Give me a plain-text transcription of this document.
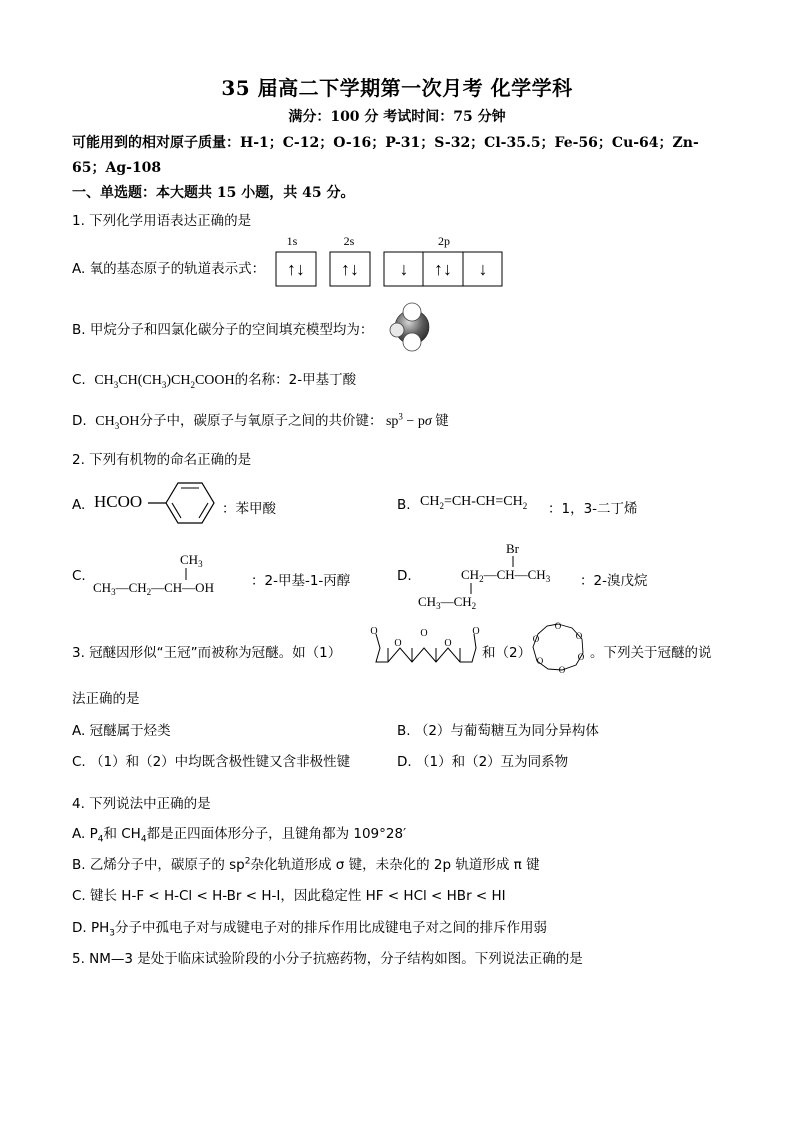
35 届高二下学期第一次月考 化学学科
满分：100 分 考试时间：75 分钟
可能用到的相对原子质量：H-1；C-12；O-16；P-31；S-32；Cl-35.5；Fe-56；Cu-64；Zn-
65；Ag-108
一、单选题：本大题共 15 小题，共 45 分。
1. 下列化学用语表达正确的是
A. 氧的基态原子的轨道表示式：
1s	2s	2p
↑↓ ↑↓ ↓ ↑↓ ↓
B. 甲烷分子和四氯化碳分子的空间填充模型均为：
C.  $CH_3CH(CH_3)CH_2COOH$的名称：2-甲基丁酸
D.  $CH_3OH$分子中，碳原子与氧原子之间的共价键： $sp^3 - p\sigma$ 键
2. 下列有机物的命名正确的是
A. HCOO	：苯甲酸	B. $CH_2=CH-CH=CH_2$ ：1，3-二丁烯
C.
$CH_3$
$CH_3—CH_2—CH—OH$	：2-甲基-1-丙醇	D.
Br
$CH_2—CH—CH_3$
$CH_3—CH_2$
：2-溴戊烷
3. 冠醚因形似“王冠”而被称为冠醚。如（1）
O
O
O
O
O
和（2）
O
O
O
O
O
O
。下列关于冠醚的说
法正确的是
A. 冠醚属于烃类	B. （2）与葡萄糖互为同分异构体
C. （1）和（2）中均既含极性键又含非极性键	D. （1）和（2）互为同系物
4. 下列说法中正确的是
A. $P_4$和 $CH_4$都是正四面体形分子，且键角都为 109°28′
B. 乙烯分子中，碳原子的 $sp^2$杂化轨道形成 σ 键，未杂化的 2p 轨道形成 π 键
C. 键长 H-F < H-Cl < H-Br < H-I，因此稳定性 HF < HCl < HBr < HI
D. $PH_3$分子中孤电子对与成键电子对的排斥作用比成键电子对之间的排斥作用弱
5. NM—3 是处于临床试验阶段的小分子抗癌药物，分子结构如图。下列说法正确的是
